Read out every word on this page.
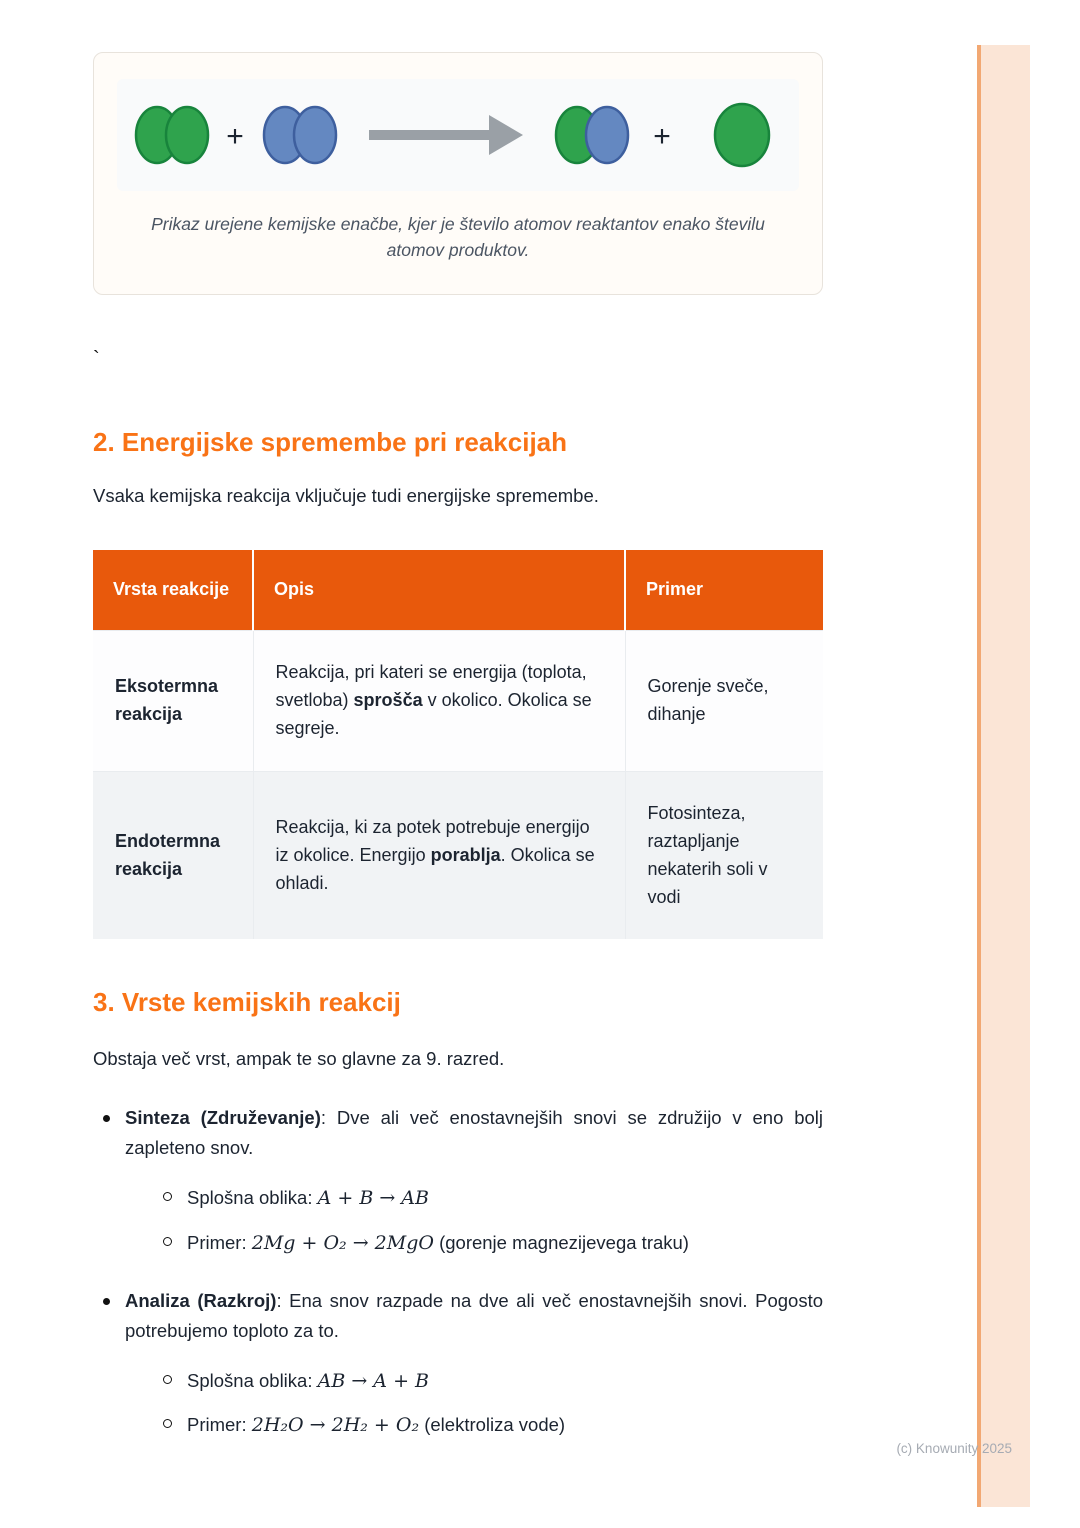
+	+
Prikaz urejene kemijske enačbe, kjer je število atomov reaktantov enako številu atomov produktov.
`
2. Energijske spremembe pri reakcijah

Vsaka kemijska reakcija vključuje tudi energijske spremembe.

Vrsta reakcije	Opis	Primer
Eksotermna reakcija	Reakcija, pri kateri se energija (toplota, svetloba) sprošča v okolico. Okolica se segreje.	Gorenje sveče, dihanje
Endotermna reakcija	Reakcija, ki za potek potrebuje energijo iz okolice. Energijo porablja. Okolica se ohladi.	Fotosinteza, raztapljanje nekaterih soli v vodi
3. Vrste kemijskih reakcij

Obstaja več vrst, ampak te so glavne za 9. razred.

Sinteza (Združevanje): Dve ali več enostavnejših snovi se združijo v eno bolj zapleteno snov.
Splošna oblika: A + B → AB
Primer: 2Mg + O₂ → 2MgO (gorenje magnezijevega traku)
Analiza (Razkroj): Ena snov razpade na dve ali več enostavnejših snovi. Pogosto potrebujemo toploto za to.
Splošna oblika: AB → A + B
Primer: 2H₂O → 2H₂ + O₂ (elektroliza vode)
(c) Knowunity 2025
